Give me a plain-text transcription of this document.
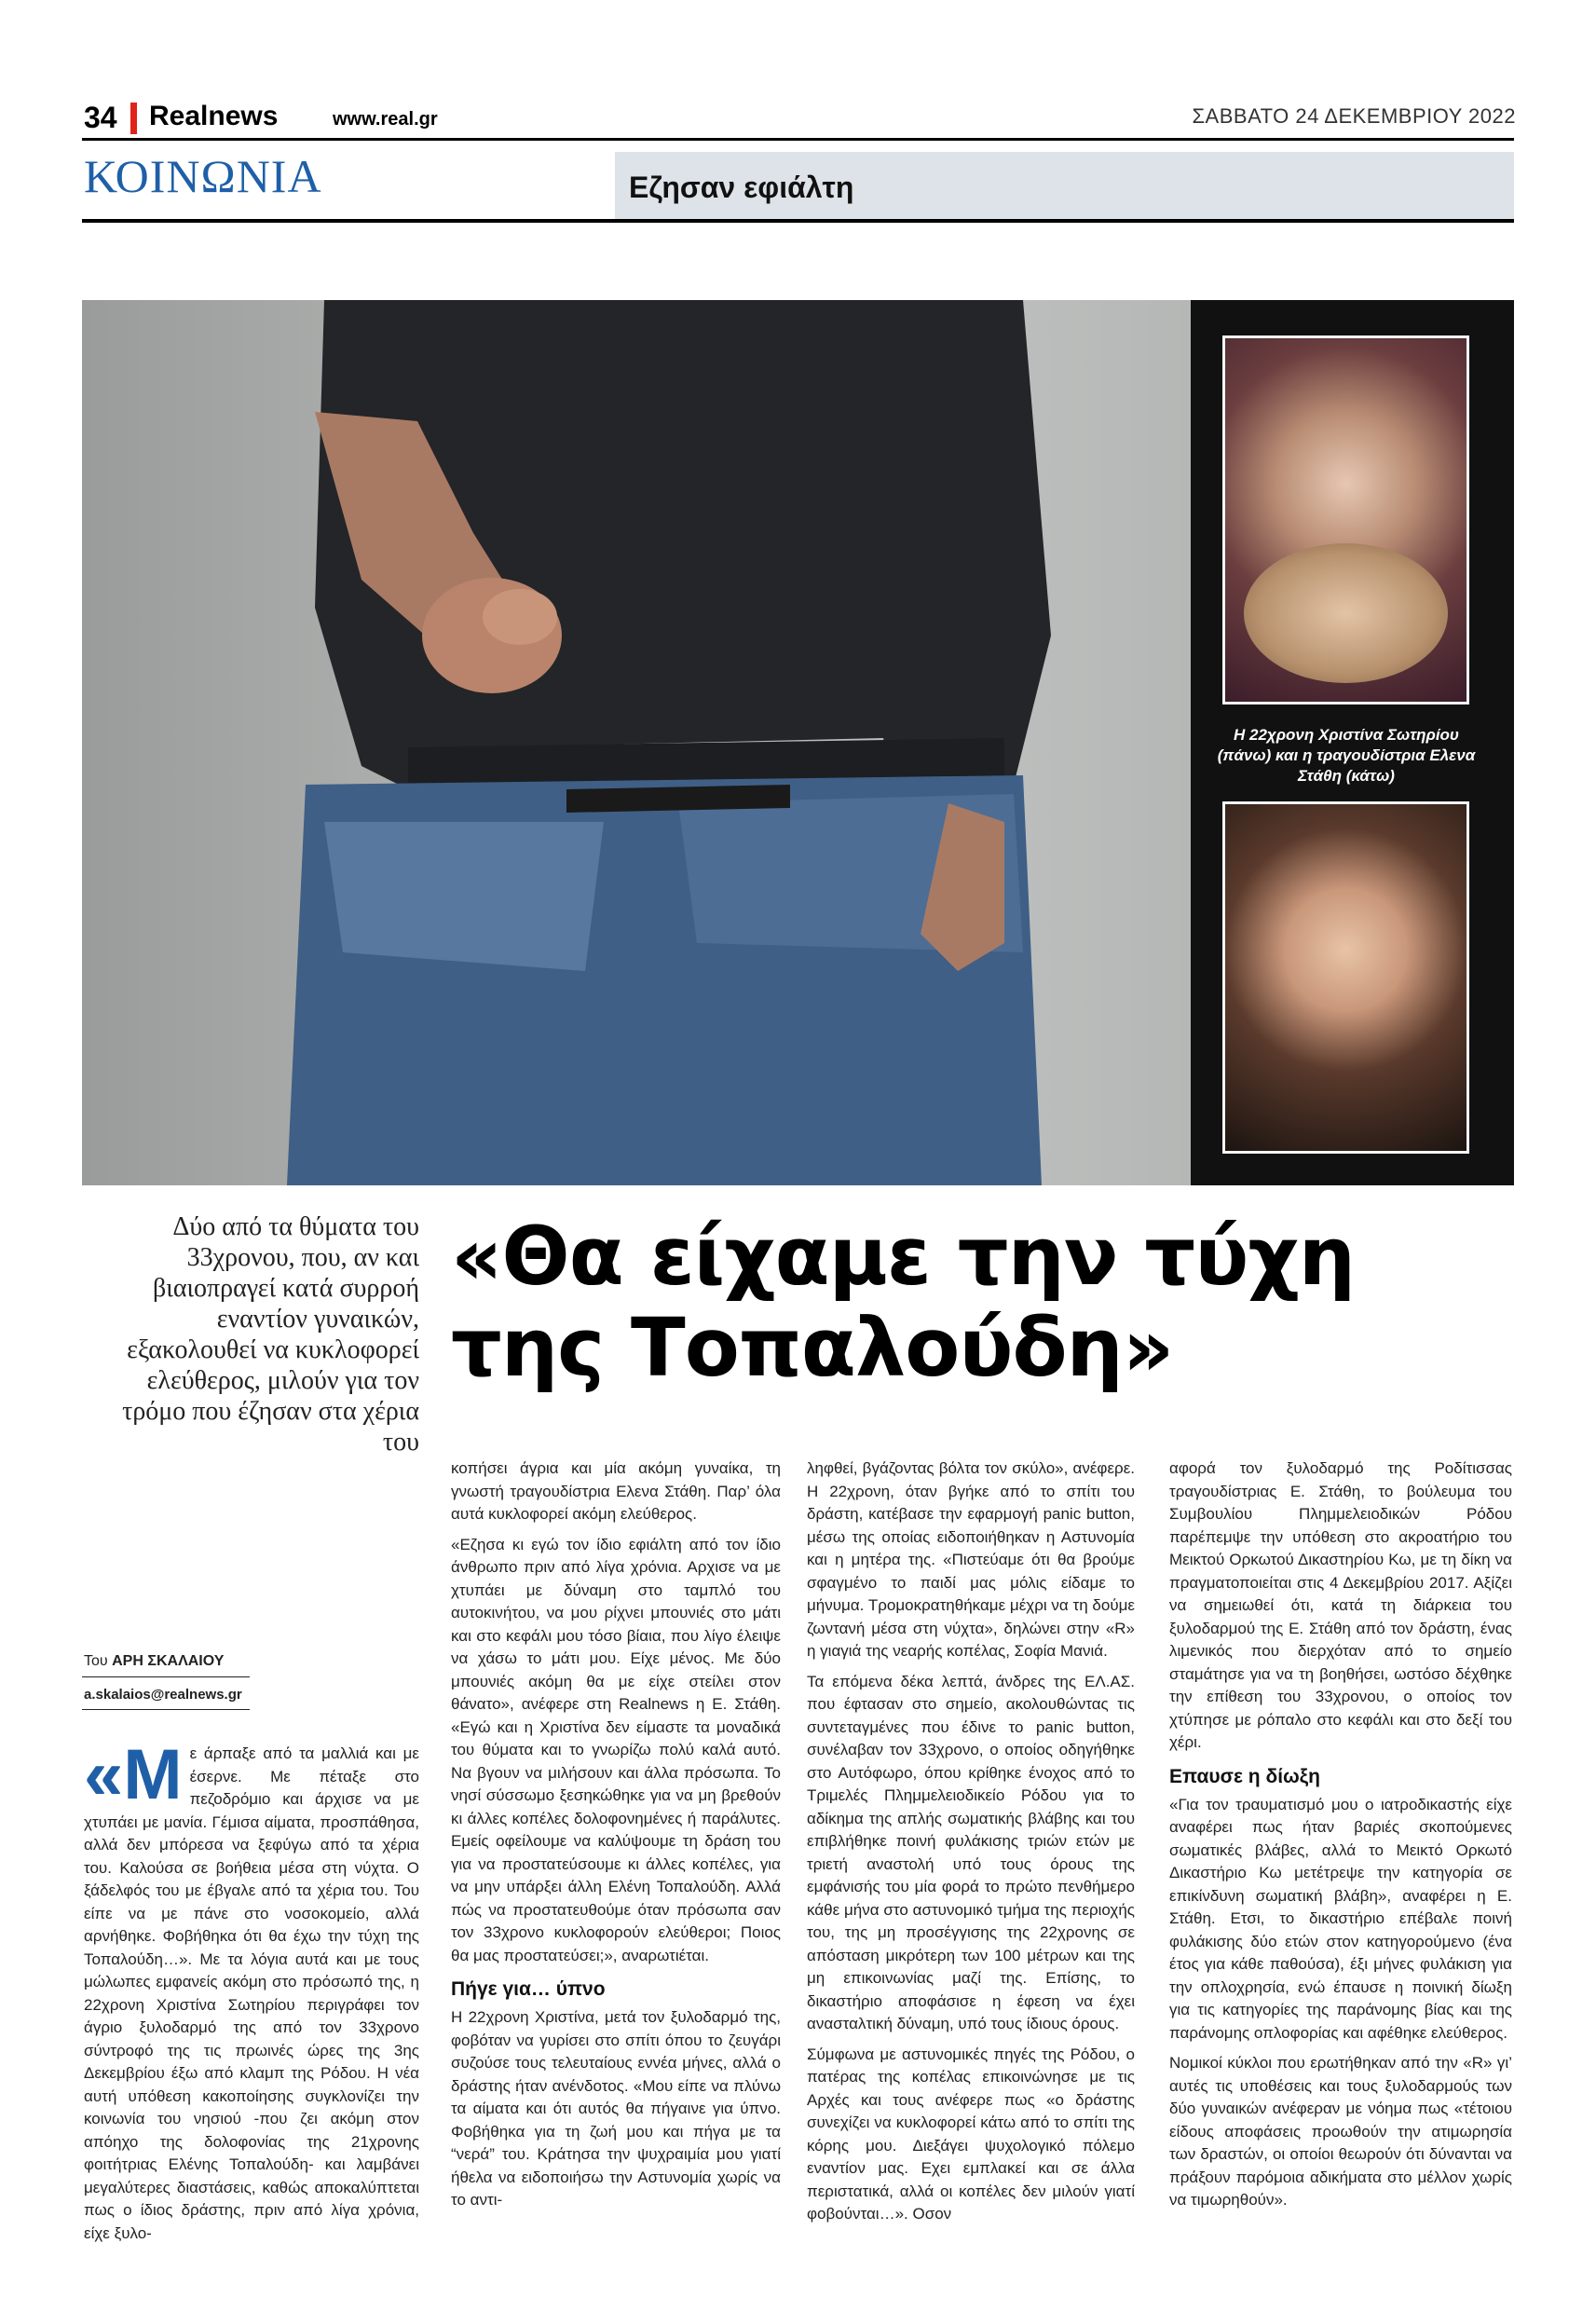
34 Realnews	www.real.gr	ΣΑΒΒΑΤΟ 24 ΔΕΚΕΜΒΡΙΟΥ 2022
ΚΟΙΝΩΝΙΑ	Εζησαν εφιάλτη
Η 22χρονη Χριστίνα Σωτηρίου (πάνω) και η τραγουδίστρια Ελενα Στάθη (κάτω)
Δύο από τα θύματα του 33χρονου, που, αν και βιαιοπραγεί κατά συρροή εναντίον γυναικών, εξακολουθεί να κυκλοφορεί ελεύθερος, μιλούν για τον τρόμο που έζησαν στα χέρια του
«Θα είχαμε την τύχη της Τοπαλούδη»
Του ΑΡΗ ΣΚΑΛΑΙΟΥ
a.skalaios@realnews.gr
«Μ ε άρπαξε από τα μαλλιά και με έσερνε. Με πέταξε στο πεζοδρόμιο και άρχισε να με χτυπάει με μανία. Γέμισα αίματα, προσπάθησα, αλλά δεν μπόρεσα να ξεφύγω από τα χέρια του. Καλούσα σε βοήθεια μέσα στη νύχτα. Ο ξάδελφός του με έβγαλε από τα χέρια του. Του είπε να με πάνε στο νοσοκομείο, αλλά αρνήθηκε. Φοβήθηκα ότι θα έχω την τύχη της Τοπαλούδη…». Με τα λόγια αυτά και με τους μώλωπες εμφανείς ακόμη στο πρόσωπό της, η 22χρονη Χριστίνα Σωτηρίου περιγράφει τον άγριο ξυλοδαρμό της από τον 33χρονο σύντροφό της τις πρωινές ώρες της 3ης Δεκεμβρίου έξω από κλαμπ της Ρόδου. Η νέα αυτή υπόθεση κακοποίησης συγκλονίζει την κοινωνία του νησιού -που ζει ακόμη στον απόηχο της δολοφονίας της 21χρονης φοιτήτριας Ελένης Τοπαλούδη- και λαμβάνει μεγαλύτερες διαστάσεις, καθώς αποκαλύπτεται πως ο ίδιος δράστης, πριν από λίγα χρόνια, είχε ξυλο-

κοπήσει άγρια και μία ακόμη γυναίκα, τη γνωστή τραγουδίστρια Ελενα Στάθη. Παρ’ όλα αυτά κυκλοφορεί ακόμη ελεύθερος.

«Εζησα κι εγώ τον ίδιο εφιάλτη από τον ίδιο άνθρωπο πριν από λίγα χρόνια. Αρχισε να με χτυπάει με δύναμη στο ταμπλό του αυτοκινήτου, να μου ρίχνει μπουνιές στο μάτι και στο κεφάλι μου τόσο βίαια, που λίγο έλειψε να χάσω το μάτι μου. Είχε μένος. Με δύο μπουνιές ακόμη θα με είχε στείλει στον θάνατο», ανέφερε στη Realnews η Ε. Στάθη. «Εγώ και η Χριστίνα δεν είμαστε τα μοναδικά του θύματα και το γνωρίζω πολύ καλά αυτό. Να βγουν να μιλήσουν και άλλα πρόσωπα. Το νησί σύσσωμο ξεσηκώθηκε για να μη βρεθούν κι άλλες κοπέλες δολοφονημένες ή παράλυτες. Εμείς οφείλουμε να καλύψουμε τη δράση του για να προστατεύσουμε κι άλλες κοπέλες, για να μην υπάρξει άλλη Ελένη Τοπαλούδη. Αλλά πώς να προστατευθούμε όταν πρόσωπα σαν τον 33χρονο κυκλοφορούν ελεύθεροι; Ποιος θα μας προστατεύσει;», αναρωτιέται.

Πήγε για… ύπνο

Η 22χρονη Χριστίνα, μετά τον ξυλοδαρμό της, φοβόταν να γυρίσει στο σπίτι όπου το ζευγάρι συζούσε τους τελευταίους εννέα μήνες, αλλά ο δράστης ήταν ανένδοτος. «Μου είπε να πλύνω τα αίματα και ότι αυτός θα πήγαινε για ύπνο. Φοβήθηκα για τη ζωή μου και πήγα με τα “νερά” του. Κράτησα την ψυχραιμία μου γιατί ήθελα να ειδοποιήσω την Αστυνομία χωρίς να το αντι-

ληφθεί, βγάζοντας βόλτα τον σκύλο», ανέφερε. Η 22χρονη, όταν βγήκε από το σπίτι του δράστη, κατέβασε την εφαρμογή panic button, μέσω της οποίας ειδοποιήθηκαν η Αστυνομία και η μητέρα της. «Πιστεύαμε ότι θα βρούμε σφαγμένο το παιδί μας μόλις είδαμε το μήνυμα. Τρομοκρατηθήκαμε μέχρι να τη δούμε ζωντανή μέσα στη νύχτα», δηλώνει στην «R» η γιαγιά της νεαρής κοπέλας, Σοφία Μανιά.

Τα επόμενα δέκα λεπτά, άνδρες της ΕΛ.ΑΣ. που έφτασαν στο σημείο, ακολουθώντας τις συντεταγμένες που έδινε το panic button, συνέλαβαν τον 33χρονο, ο οποίος οδηγήθηκε στο Αυτόφωρο, όπου κρίθηκε ένοχος από το Τριμελές Πλημμελειοδικείο Ρόδου για το αδίκημα της απλής σωματικής βλάβης και του επιβλήθηκε ποινή φυλάκισης τριών ετών με τριετή αναστολή υπό τους όρους της εμφάνισής του μία φορά το πρώτο πενθήμερο κάθε μήνα στο αστυνομικό τμήμα της περιοχής του, της μη προσέγγισης της 22χρονης σε απόσταση μικρότερη των 100 μέτρων και της μη επικοινωνίας μαζί της. Επίσης, το δικαστήριο αποφάσισε η έφεση να έχει ανασταλτική δύναμη, υπό τους ίδιους όρους.

Σύμφωνα με αστυνομικές πηγές της Ρόδου, ο πατέρας της κοπέλας επικοινώνησε με τις Αρχές και τους ανέφερε πως «ο δράστης συνεχίζει να κυκλοφορεί κάτω από το σπίτι της κόρης μου. Διεξάγει ψυχολογικό πόλεμο εναντίον μας. Εχει εμπλακεί και σε άλλα περιστατικά, αλλά οι κοπέλες δεν μιλούν γιατί φοβούνται…». Οσον

αφορά τον ξυλοδαρμό της Ροδίτισσας τραγουδίστριας Ε. Στάθη, το βούλευμα του Συμβουλίου Πλημμελειοδικών Ρόδου παρέπεμψε την υπόθεση στο ακροατήριο του Μεικτού Ορκωτού Δικαστηρίου Κω, με τη δίκη να πραγματοποιείται στις 4 Δεκεμβρίου 2017. Αξίζει να σημειωθεί ότι, κατά τη διάρκεια του ξυλοδαρμού της Ε. Στάθη από τον δράστη, ένας λιμενικός που διερχόταν από το σημείο σταμάτησε για να τη βοηθήσει, ωστόσο δέχθηκε την επίθεση του 33χρονου, ο οποίος τον χτύπησε με ρόπαλο στο κεφάλι και στο δεξί του χέρι.

Επαυσε η δίωξη

«Για τον τραυματισμό μου ο ιατροδικαστής είχε αναφέρει πως ήταν βαριές σκοπούμενες σωματικές βλάβες, αλλά το Μεικτό Ορκωτό Δικαστήριο Κω μετέτρεψε την κατηγορία σε επικίνδυνη σωματική βλάβη», αναφέρει η Ε. Στάθη. Ετσι, το δικαστήριο επέβαλε ποινή φυλάκισης δύο ετών στον κατηγορούμενο (ένα έτος για κάθε παθούσα), έξι μήνες φυλάκιση για την οπλοχρησία, ενώ έπαυσε η ποινική δίωξη για τις κατηγορίες της παράνομης βίας και της παράνομης οπλοφορίας και αφέθηκε ελεύθερος.

Νομικοί κύκλοι που ερωτήθηκαν από την «R» γι’ αυτές τις υποθέσεις και τους ξυλοδαρμούς των δύο γυναικών ανέφεραν με νόημα πως «τέτοιου είδους αποφάσεις προωθούν την ατιμωρησία των δραστών, οι οποίοι θεωρούν ότι δύνανται να πράξουν παρόμοια αδικήματα στο μέλλον χωρίς να τιμωρηθούν».
